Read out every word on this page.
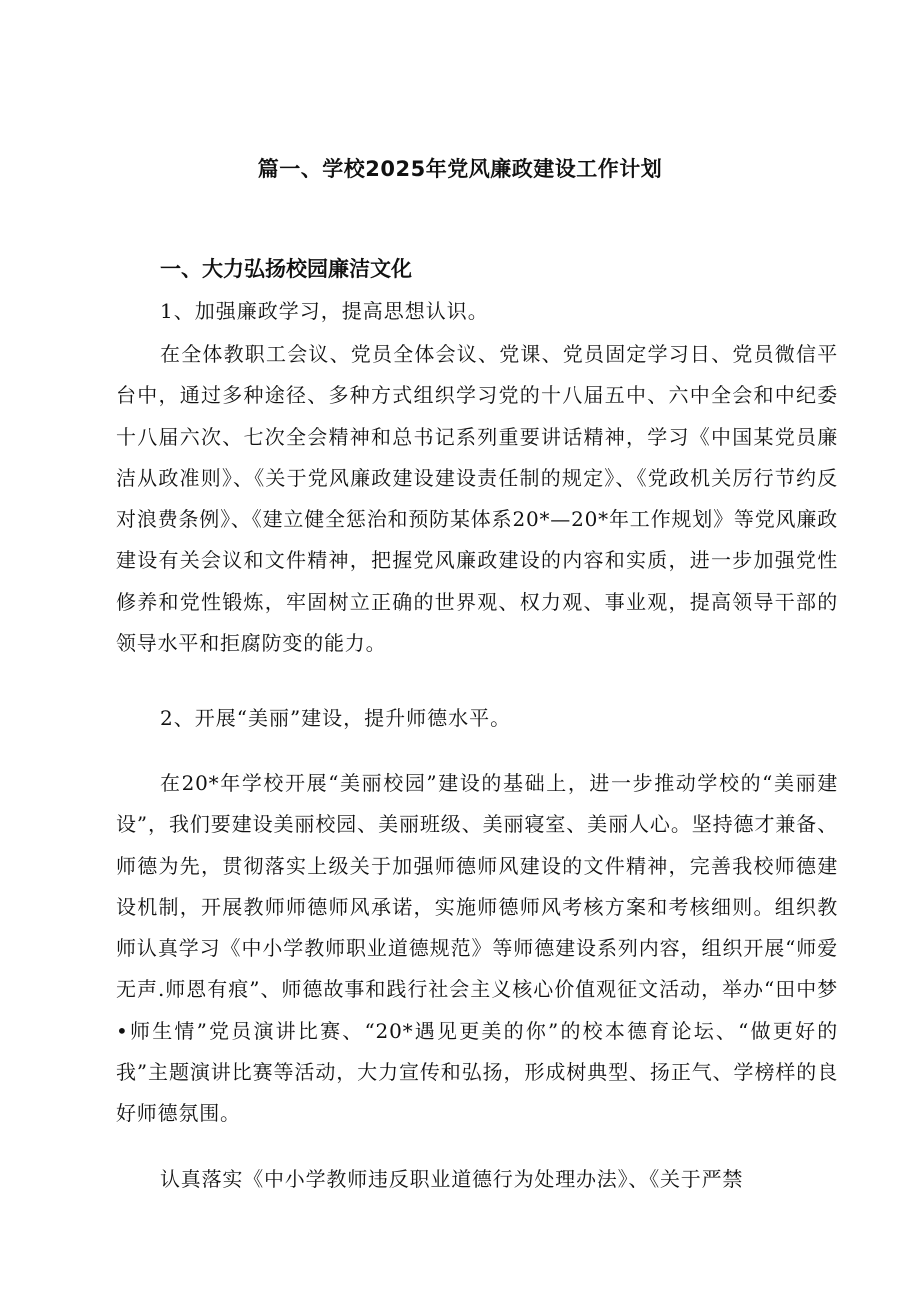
篇一、学校2025年党风廉政建设工作计划
一、大力弘扬校园廉洁文化
1、加强廉政学习，提高思想认识。
在全体教职工会议、党员全体会议、党课、党员固定学习日、党员微信平台中，通过多种途径、多种方式组织学习党的十八届五中、六中全会和中纪委十八届六次、七次全会精神和总书记系列重要讲话精神，学习《中国某党员廉洁从政准则》、《关于党风廉政建设建设责任制的规定》、《党政机关厉行节约反对浪费条例》、《建立健全惩治和预防某体系20*—20*年工作规划》等党风廉政建设有关会议和文件精神，把握党风廉政建设的内容和实质，进一步加强党性修养和党性锻炼，牢固树立正确的世界观、权力观、事业观，提高领导干部的领导水平和拒腐防变的能力。
2、开展“美丽”建设，提升师德水平。
在20*年学校开展“美丽校园”建设的基础上，进一步推动学校的“美丽建设”，我们要建设美丽校园、美丽班级、美丽寝室、美丽人心。坚持德才兼备、师德为先，贯彻落实上级关于加强师德师风建设的文件精神，完善我校师德建设机制，开展教师师德师风承诺，实施师德师风考核方案和考核细则。组织教师认真学习《中小学教师职业道德规范》等师德建设系列内容，组织开展“师爱无声.师恩有痕”、师德故事和践行社会主义核心价值观征文活动，举办“田中梦•师生情”党员演讲比赛、“20*遇见更美的你”的校本德育论坛、“做更好的我”主题演讲比赛等活动，大力宣传和弘扬，形成树典型、扬正气、学榜样的良好师德氛围。
认真落实《中小学教师违反职业道德行为处理办法》、《关于严禁
